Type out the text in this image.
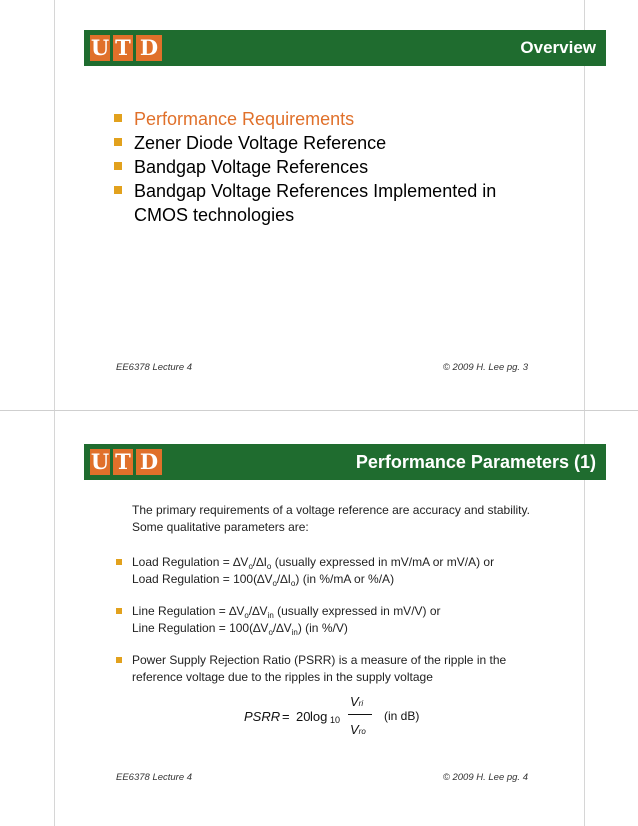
U T D	Overview
Performance Requirements
Zener Diode Voltage Reference
Bandgap Voltage References
Bandgap Voltage References Implemented in CMOS technologies
EE6378 Lecture 4	© 2009 H. Lee pg. 3
U T D	Performance Parameters (1)
The primary requirements of a voltage reference are accuracy and stability. Some qualitative parameters are:
Load Regulation = $\Delta V_o/\Delta I_o$ (usually expressed in mV/mA or mV/A) or
Load Regulation = $100(\Delta V_o/\Delta I_o)$ (in %/mA or %/A)
Line Regulation = $\Delta V_o/\Delta V_{in}$ (usually expressed in mV/V) or
Line Regulation = $100(\Delta V_o/\Delta V_{in})$ (in %/V)
Power Supply Rejection Ratio (PSRR) is a measure of the ripple in the reference voltage due to the ripples in the supply voltage
PSRR = 20 log 10
Vri
Vro
(in dB)
EE6378 Lecture 4	© 2009 H. Lee pg. 4
